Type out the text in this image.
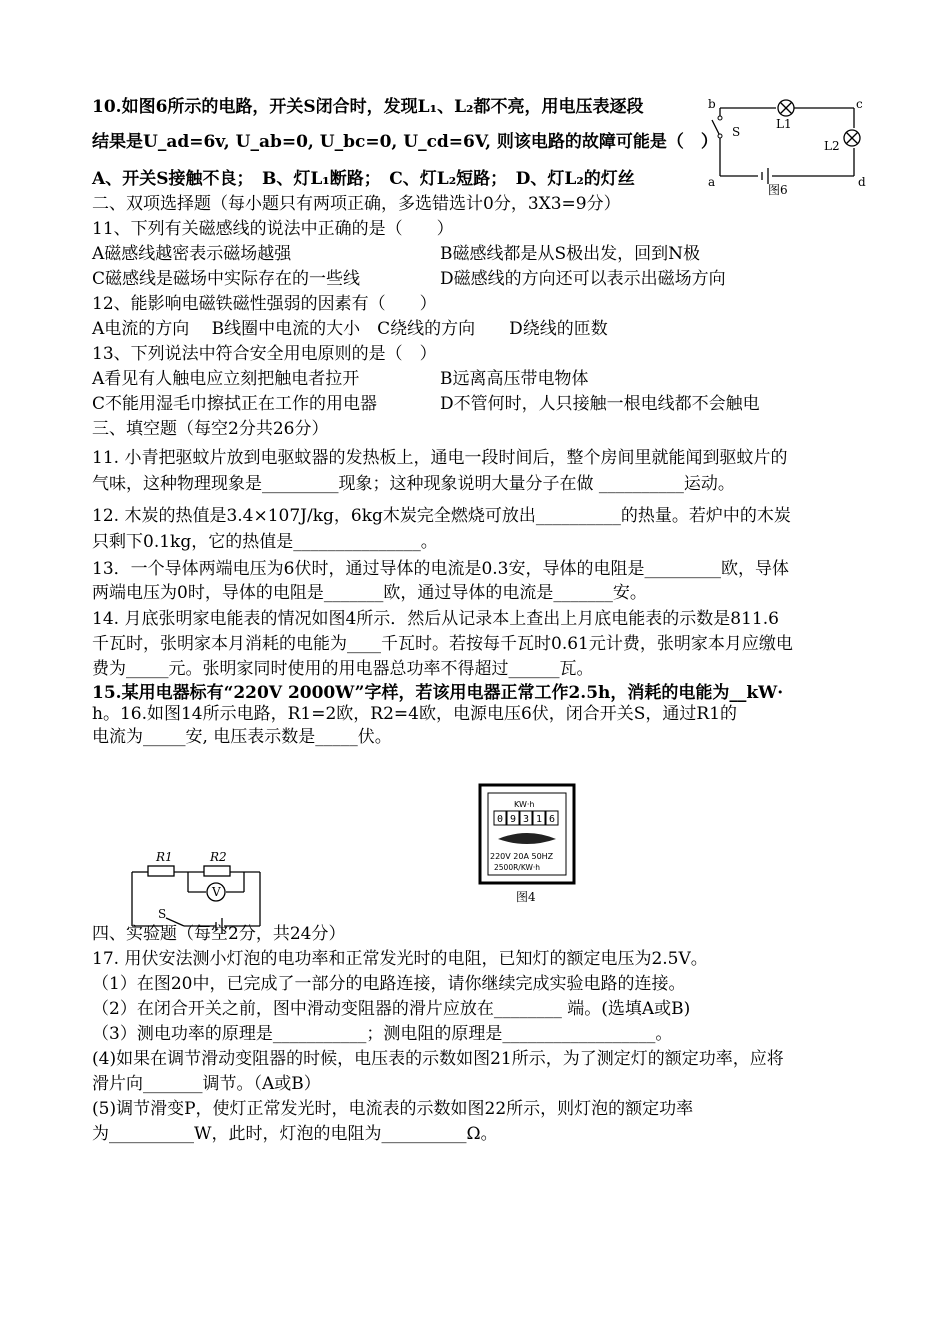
10.如图6所示的电路，开关S闭合时，发现L₁、L₂都不亮，用电压表逐段
结果是U_ad=6v, U_ab=0, U_bc=0, U_cd=6V, 则该电路的故障可能是（　）
A、开关S接触不良；　B、灯L₁断路；　C、灯L₂短路；　D、灯L₂的灯丝
b	c
a	d
S
L1
L2
图6
二、双项选择题（每小题只有两项正确，多选错选计0分，3X3=9分）
11、下列有关磁感线的说法中正确的是（　　）
A磁感线越密表示磁场越强	B磁感线都是从S极出发，回到N极
C磁感线是磁场中实际存在的一些线	D磁感线的方向还可以表示出磁场方向
12、能影响电磁铁磁性强弱的因素有（　　）
A电流的方向　 B线圈中电流的大小　C绕线的方向　　D绕线的匝数
13、下列说法中符合安全用电原则的是（　）
A看见有人触电应立刻把触电者拉开	B远离高压带电物体
C不能用湿毛巾擦拭正在工作的用电器	D不管何时，人只接触一根电线都不会触电
三、填空题（每空2分共26分）
11. 小青把驱蚊片放到电驱蚊器的发热板上，通电一段时间后，整个房间里就能闻到驱蚊片的
气味，这种物理现象是_________现象；这种现象说明大量分子在做 __________运动。
12. 木炭的热值是3.4×107J/kg，6kg木炭完全燃烧可放出__________的热量。若炉中的木炭
只剩下0.1kg，它的热值是_______________。
13．一个导体两端电压为6伏时，通过导体的电流是0.3安，导体的电阻是_________欧，导体
两端电压为0时，导体的电阻是_______欧，通过导体的电流是_______安。
14. 月底张明家电能表的情况如图4所示．然后从记录本上查出上月底电能表的示数是811.6
千瓦时，张明家本月消耗的电能为____千瓦时。若按每千瓦时0.61元计费，张明家本月应缴电
费为_____元。张明家同时使用的用电器总功率不得超过______瓦。
15.某用电器标有“220V 2000W”字样，若该用电器正常工作2.5h，消耗的电能为__kW·
h。16.如图14所示电路，R1=2欧，R2=4欧，电源电压6伏，闭合开关S，通过R1的
电流为_____安, 电压表示数是_____伏。
KW·h
0 9 3 1 6
220V 20A 50HZ
2500R/KW·h
图4
R1	R2
V
S
四、实验题（每空2分，共24分）
17. 用伏安法测小灯泡的电功率和正常发光时的电阻，已知灯的额定电压为2.5V。
（1）在图20中，已完成了一部分的电路连接，请你继续完成实验电路的连接。
（2）在闭合开关之前，图中滑动变阻器的滑片应放在________ 端。(选填A或B)
（3）测电功率的原理是___________；测电阻的原理是__________________。
(4)如果在调节滑动变阻器的时候，电压表的示数如图21所示，为了测定灯的额定功率，应将
滑片向_______调节。（A或B）
(5)调节滑变P，使灯正常发光时，电流表的示数如图22所示，则灯泡的额定功率
为__________W，此时，灯泡的电阻为__________Ω。
